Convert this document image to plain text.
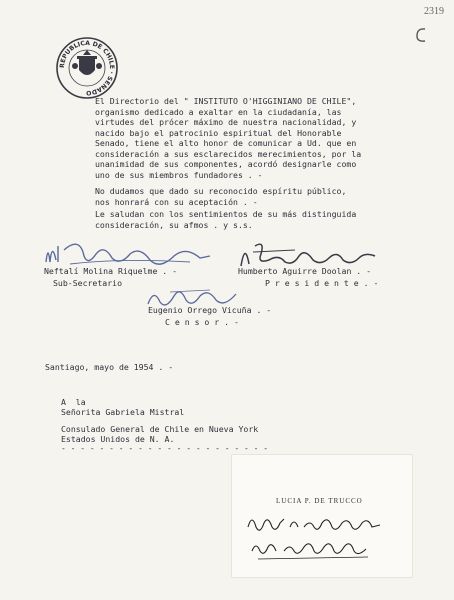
REPUBLICA DE CHILE · SENADO
2319
El Directorio del " INSTITUTO O'HIGGINIANO DE CHILE",
organismo dedicado a exaltar en la ciudadanía, las
virtudes del prócer máximo de nuestra nacionalidad, y
nacido bajo el patrocinio espiritual del Honorable
Senado, tiene el alto honor de comunicar a Ud. que en
consideración a sus esclarecidos merecimientos, por la
unanimidad de sus componentes, acordó designarle como
uno de sus miembros fundadores . -
No dudamos que dado su reconocido espíritu público,
nos honrará con su aceptación . -
Le saludan con los sentimientos de su más distinguida
consideración, su afmos . y s.s.
Neftalí Molina Riquelme . -
Sub-Secretario
Humberto Aguirre Doolan . -
P r e s i d e n t e . -
Eugenio Orrego Vicuña . -
C e n s o r . -
Santiago, mayo de 1954 . -
A  la
Señorita Gabriela Mistral
Consulado General de Chile en Nueva York
Estados Unidos de N. A.
- - - - - - - - - - - - - - - - - - - - - -
LUCIA P. DE TRUCCO
